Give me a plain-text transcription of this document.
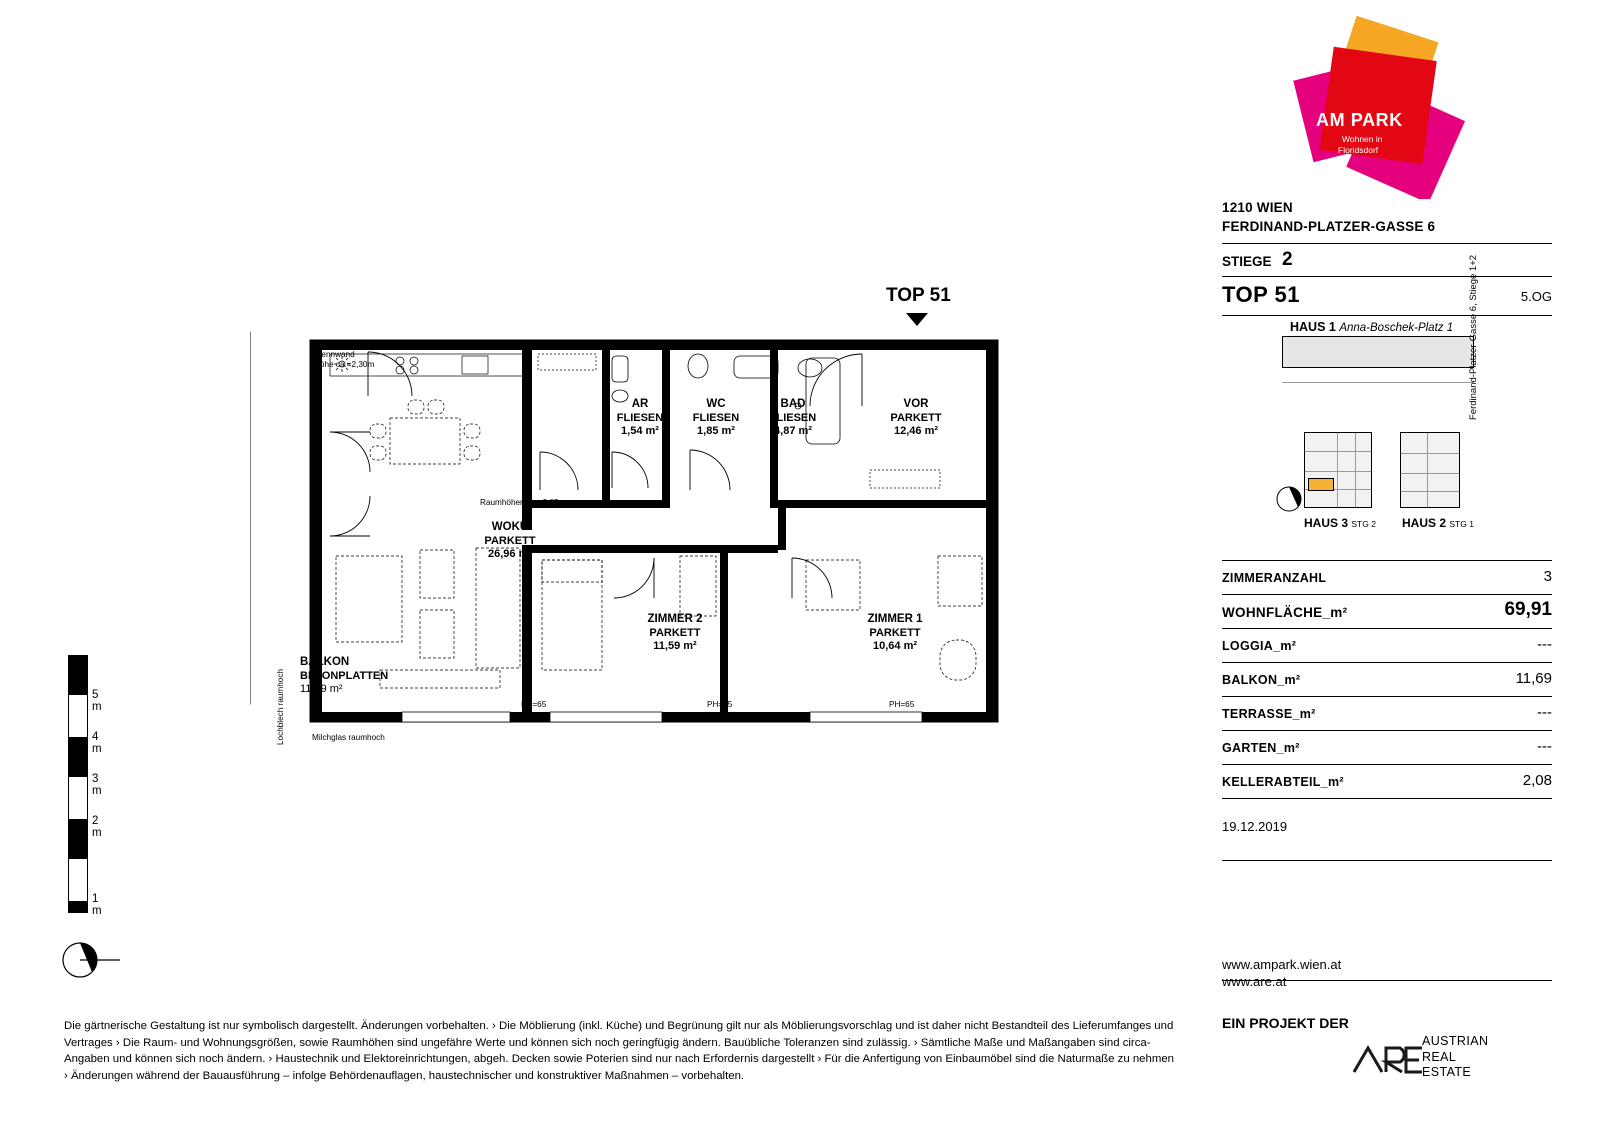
TOP 51
AR
FLIESEN
1,54 m²
WC
FLIESEN
1,85 m²
BAD
FLIESEN
4,87 m²
VOR
PARKETT
12,46 m²
WOKÜ
PARKETT
26,96 m²
ZIMMER 2
PARKETT
11,59 m²
ZIMMER 1
PARKETT
10,64 m²
BALKON
BETONPLATTEN
11,69 m²
Trennwand
Höhe ca.=2,30m
Raumhöhen ca.=2,65m
Milchglas raumhoch
Lochblech raumhoch	PH=65	PH=65	PH=65
5 m
4 m
3 m
2 m
1 m
Die gärtnerische Gestaltung ist nur symbolisch dargestellt. Änderungen vorbehalten. › Die Möblierung (inkl. Küche) und Begrünung gilt nur als Möblierungsvorschlag und ist daher nicht Bestandteil des Lieferumfanges und Vertrages › Die Raum- und Wohnungsgrößen, sowie Raumhöhen sind ungefähre Werte und können sich noch geringfügig ändern. Bauübliche Toleranzen sind zulässig. › Sämtliche Maße und Maßangaben sind circa-Angaben und können sich noch ändern. › Haustechnik und Elektoreinrichtungen, abgeh. Decken sowie Poterien sind nur nach Erfordernis dargestellt › Für die Anfertigung von Einbaumöbel sind die Naturmaße zu nehmen › Änderungen während der Bauausführung – infolge Behördenauflagen, haustechnischer und konstruktiver Maßnahmen – vorbehalten.
AM PARK
Wohnen in
Floridsdorf
1210 WIEN
FERDINAND-PLATZER-GASSE 6
STIEGE 2
TOP 51	5.OG
HAUS 1 Anna-Boschek-Platz 1 Ferdinand-Platzer-Gasse 6, Stiege 1+2
HAUS 3 STG 2 HAUS 2 STG 1
ZIMMERANZAHL	3
WOHNFLÄCHE_m²	69,91
LOGGIA_m²	---
BALKON_m²	11,69
TERRASSE_m²	---
GARTEN_m²	---
KELLERABTEIL_m²	2,08
19.12.2019
www.ampark.wien.at
www.are.at
EIN PROJEKT DER
AUSTRIAN
REAL
ESTATE
